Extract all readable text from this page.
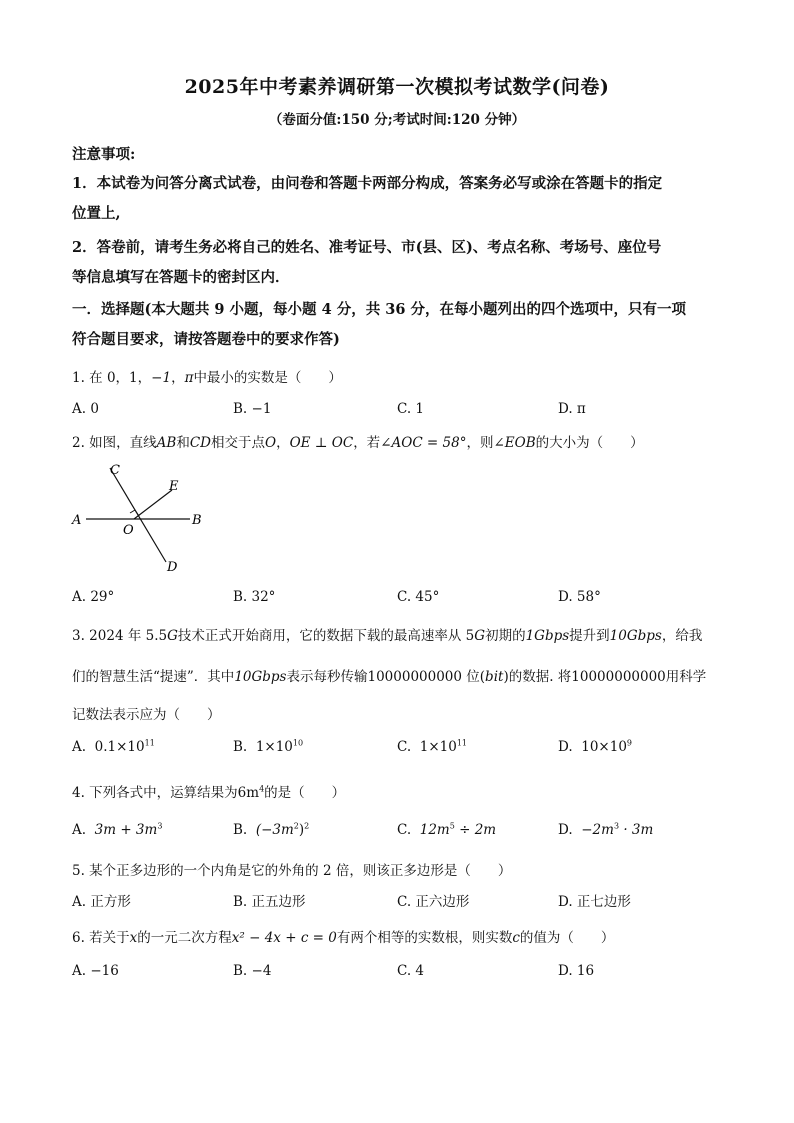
2025年中考素养调研第一次模拟考试数学(问卷)
（卷面分值:150 分;考试时间:120 分钟）
注意事项:
1．本试卷为问答分离式试卷，由问卷和答题卡两部分构成，答案务必写或涂在答题卡的指定
位置上,
2．答卷前，请考生务必将自己的姓名、准考证号、市(县、区)、考点名称、考场号、座位号
等信息填写在答题卡的密封区内．
一．选择题(本大题共 9 小题，每小题 4 分，共 36 分，在每小题列出的四个选项中，只有一项
符合题目要求，请按答题卷中的要求作答)
1. 在 0，1，−1，π中最小的实数是（　　）
A. 0	B. −1	C. 1	D. π
2. 如图，直线AB和CD相交于点O，OE ⊥ OC，若∠AOC = 58°，则∠EOB的大小为（　　）
A	B
C
D
E
O
A. 29°	B. 32°	C. 45°	D. 58°
3. 2024 年 5.5G技术正式开始商用，它的数据下载的最高速率从 5G初期的1Gbps提升到10Gbps，给我
们的智慧生活“提速”．其中10Gbps表示每秒传输10000000000 位(bit)的数据. 将10000000000用科学
记数法表示应为（　　）
A. $0.1\times 10^{11}$	B. $1\times 10^{10}$	C. $1\times 10^{11}$	D. $10\times 10^9$
4. 下列各式中，运算结果为$6m^4$的是（　　）
A. $3m + 3m^3$	B. $(-3m^2)^2$	C. $12m^5 \div 2m$	D. $-2m^3 \cdot 3m$
5. 某个正多边形的一个内角是它的外角的 2 倍，则该正多边形是（　　）
A. 正方形	B. 正五边形	C. 正六边形	D. 正七边形
6. 若关于x的一元二次方程x² − 4x + c = 0有两个相等的实数根，则实数c的值为（　　）
A. −16	B. −4	C. 4	D. 16
